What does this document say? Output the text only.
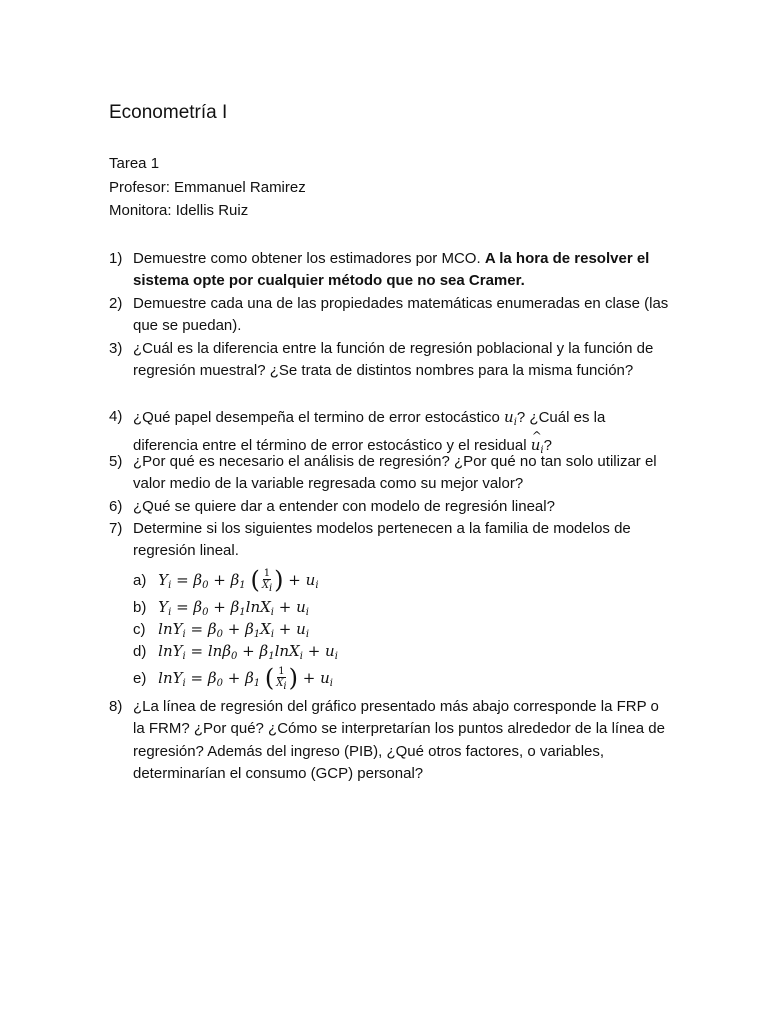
Econometría I
Tarea 1
Profesor: Emmanuel Ramirez
Monitora: Idellis Ruiz
1) Demuestre como obtener los estimadores por MCO. A la hora de resolver el sistema opte por cualquier método que no sea Cramer.
2) Demuestre cada una de las propiedades matemáticas enumeradas en clase (las que se puedan).
3) ¿Cuál es la diferencia entre la función de regresión poblacional y la función de regresión muestral? ¿Se trata de distintos nombres para la misma función?
4) ¿Qué papel desempeña el termino de error estocástico $u_i$? ¿Cuál es la diferencia entre el término de error estocástico y el residual ^ $u_i$?
5) ¿Por qué es necesario el análisis de regresión? ¿Por qué no tan solo utilizar el valor medio de la variable regresada como su mejor valor?
6) ¿Qué se quiere dar a entender con modelo de regresión lineal?
7) Determine si los siguientes modelos pertenecen a la familia de modelos de regresión lineal.
a) $Y_i = \beta_0 + \beta_1$ ( $\frac{1}{Xi}$ ) + $u_i$
b) $Y_i = \beta_0 + \beta_1\ln X_i + u_i$
c) $\ln Y_i = \beta_0 + \beta_1X_i + u_i$
d) $\ln Y_i = \ln\beta_0 + \beta_1\ln X_i + u_i$
e) $\ln Y_i = \beta_0 + \beta_1$ ( $\frac{1}{Xi}$ ) + $u_i$
8) ¿La línea de regresión del gráfico presentado más abajo corresponde la FRP o la FRM? ¿Por qué? ¿Cómo se interpretarían los puntos alrededor de la línea de regresión? Además del ingreso (PIB), ¿Qué otros factores, o variables, determinarían el consumo (GCP) personal?
